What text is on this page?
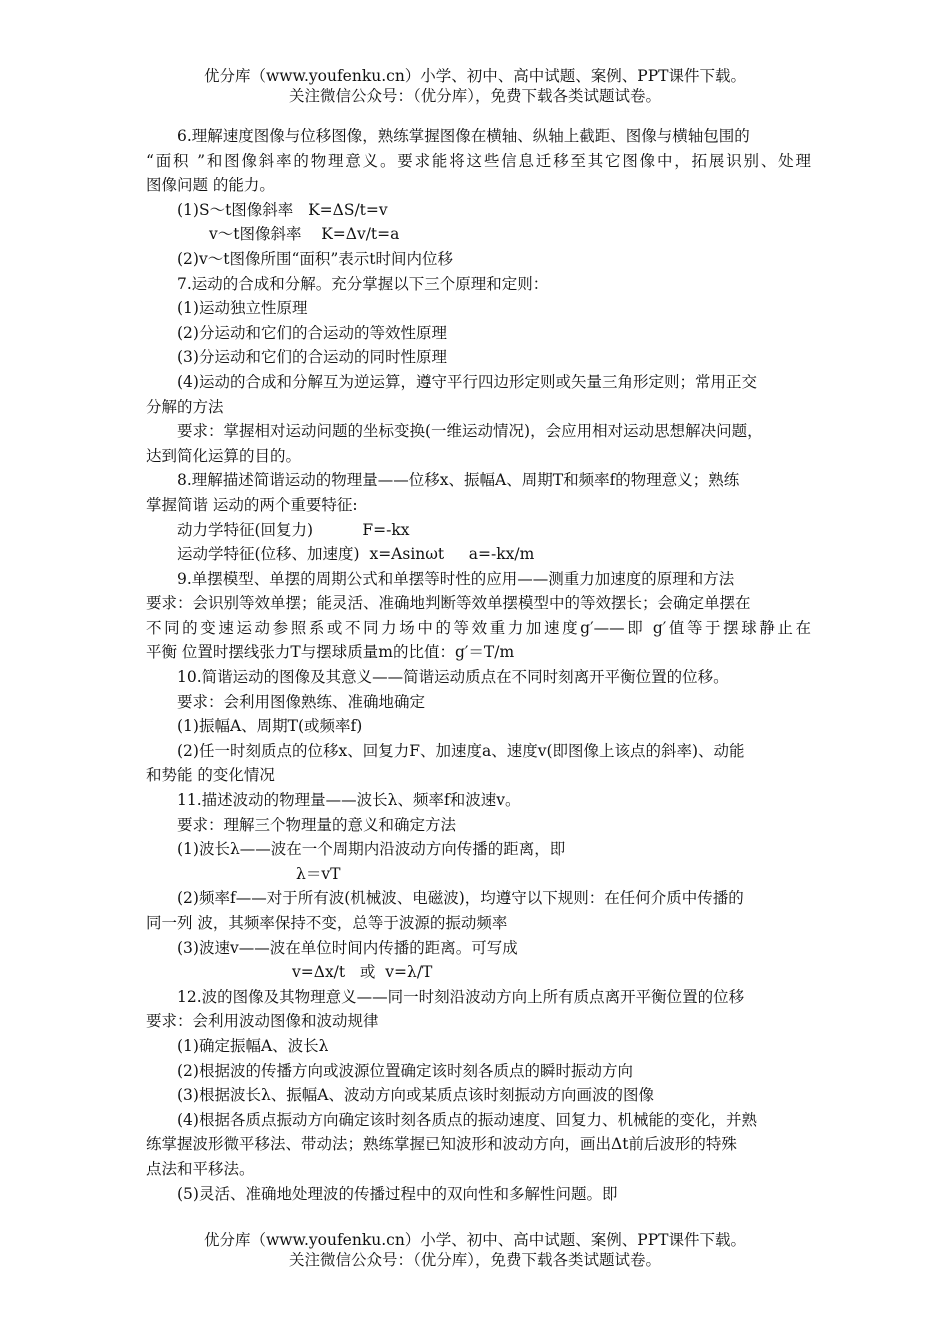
优分库（www.youfenku.cn）小学、初中、高中试题、案例、PPT课件下载。
关注微信公众号：（优分库），免费下载各类试题试卷。
6.理解速度图像与位移图像，熟练掌握图像在横轴、纵轴上截距、图像与横轴包围的
“面积 ”和图像斜率的物理意义。要求能将这些信息迁移至其它图像中，拓展识别、处理
图像问题 的能力。
(1)S～t图像斜率   K=ΔS/t=v
v～t图像斜率    K=Δv/t=a
(2)v～t图像所围“面积”表示t时间内位移
7.运动的合成和分解。充分掌握以下三个原理和定则：
(1)运动独立性原理
(2)分运动和它们的合运动的等效性原理
(3)分运动和它们的合运动的同时性原理
(4)运动的合成和分解互为逆运算，遵守平行四边形定则或矢量三角形定则；常用正交
分解的方法
要求：掌握相对运动问题的坐标变换(一维运动情况)，会应用相对运动思想解决问题，
达到简化运算的目的。
8.理解描述简谐运动的物理量——位移x、振幅A、周期T和频率f的物理意义；熟练
掌握简谐 运动的两个重要特征:
动力学特征(回复力)          F=-kx
运动学特征(位移、加速度)  x=Asinωt     a=-kx/m
9.单摆模型、单摆的周期公式和单摆等时性的应用——测重力加速度的原理和方法
要求：会识别等效单摆；能灵活、准确地判断等效单摆模型中的等效摆长；会确定单摆在
不同的变速运动参照系或不同力场中的等效重力加速度g′——即 g′值等于摆球静止在
平衡 位置时摆线张力T与摆球质量m的比值：g′＝T/m
10.简谐运动的图像及其意义——简谐运动质点在不同时刻离开平衡位置的位移。
要求：会利用图像熟练、准确地确定
(1)振幅A、周期T(或频率f)
(2)任一时刻质点的位移x、回复力F、加速度a、速度v(即图像上该点的斜率)、动能
和势能 的变化情况
11.描述波动的物理量——波长λ、频率f和波速v。
要求：理解三个物理量的意义和确定方法
(1)波长λ——波在一个周期内沿波动方向传播的距离，即
λ＝vT
(2)频率f——对于所有波(机械波、电磁波)，均遵守以下规则：在任何介质中传播的
同一列 波，其频率保持不变，总等于波源的振动频率
(3)波速v——波在单位时间内传播的距离。可写成
v=Δx/t   或  v=λ/T
12.波的图像及其物理意义——同一时刻沿波动方向上所有质点离开平衡位置的位移
要求：会利用波动图像和波动规律
(1)确定振幅A、波长λ
(2)根据波的传播方向或波源位置确定该时刻各质点的瞬时振动方向
(3)根据波长λ、振幅A、波动方向或某质点该时刻振动方向画波的图像
(4)根据各质点振动方向确定该时刻各质点的振动速度、回复力、机械能的变化，并熟
练掌握波形微平移法、带动法；熟练掌握已知波形和波动方向，画出Δt前后波形的特殊
点法和平移法。
(5)灵活、准确地处理波的传播过程中的双向性和多解性问题。即
优分库（www.youfenku.cn）小学、初中、高中试题、案例、PPT课件下载。
关注微信公众号：（优分库），免费下载各类试题试卷。
